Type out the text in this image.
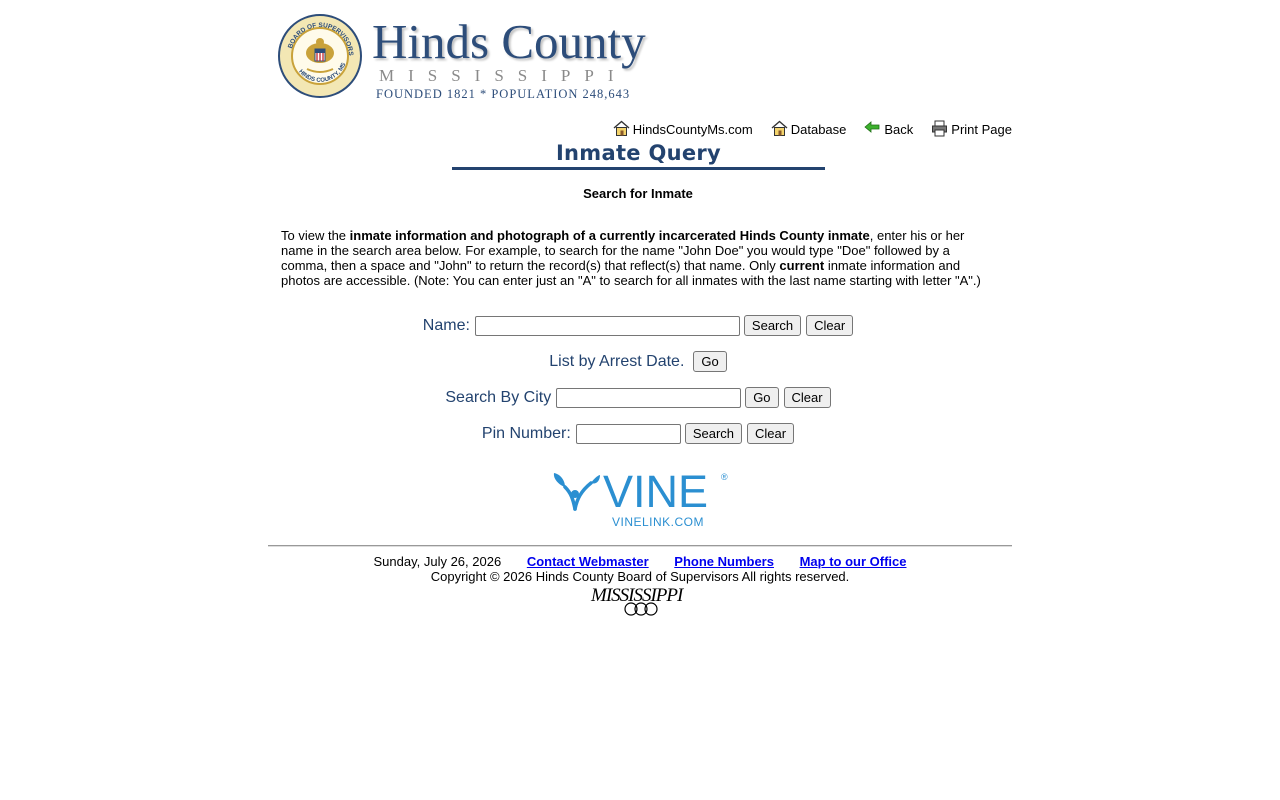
BOARD OF SUPERVISORS
HINDS COUNTY, MS Hinds County
MISSISSIPPI
FOUNDED 1821 * POPULATION 248,643
HindsCountyMs.com	Database	Back	Print Page
Inmate Query
Search for Inmate
To view the inmate information and photograph of a currently incarcerated Hinds County inmate, enter his or her name in the search area below. For example, to search for the name "John Doe" you would type "Doe" followed by a comma, then a space and "John" to return the record(s) that reflect(s) that name. Only current inmate information and photos are accessible. (Note: You can enter just an "A" to search for all inmates with the last name starting with letter "A".)
Name:	Search	Clear
List by Arrest Date.	Go
Search By City	Go	Clear
Pin Number:	Search	Clear
VINE ®
VINELINK.COM
Sunday, July 26, 2026 Contact Webmaster Phone Numbers Map to our Office
Copyright © 2026 Hinds County Board of Supervisors All rights reserved.
MISSISSIPPI
